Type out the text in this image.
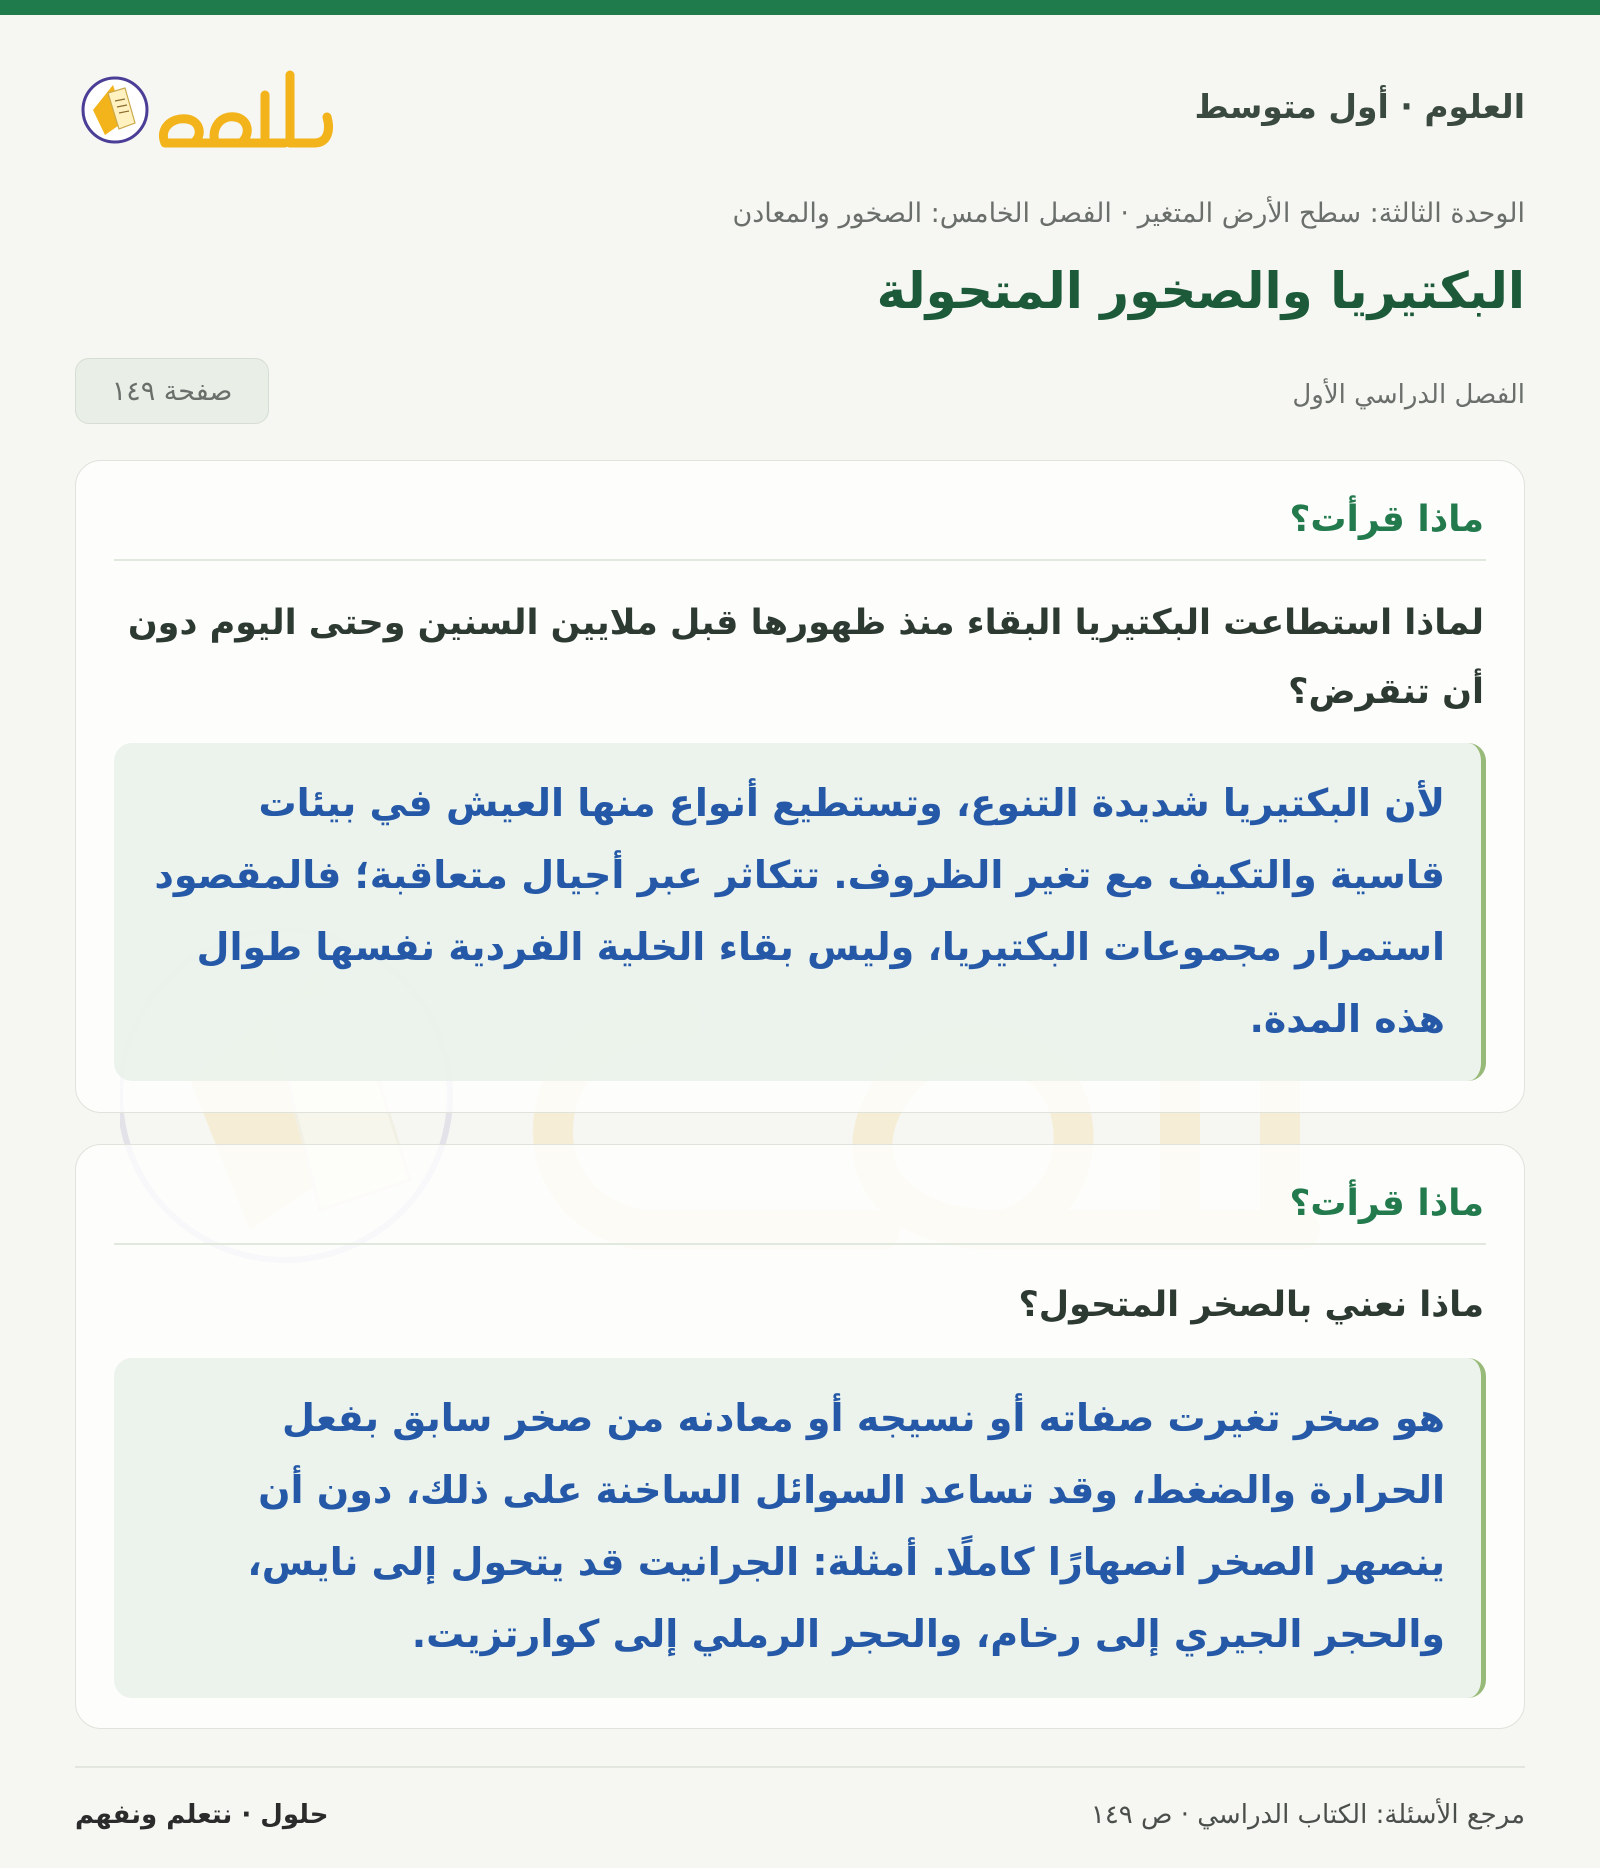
العلوم · أول متوسط
الوحدة الثالثة: سطح الأرض المتغير · الفصل الخامس: الصخور والمعادن
البكتيريا والصخور المتحولة
الفصل الدراسي الأول
صفحة ١٤٩
ماذا قرأت؟
لماذا استطاعت البكتيريا البقاء منذ ظهورها قبل ملايين السنين وحتى اليوم دون أن تنقرض؟
لأن البكتيريا شديدة التنوع، وتستطيع أنواع منها العيش في بيئات قاسية والتكيف مع تغير الظروف. تتكاثر عبر أجيال متعاقبة؛ فالمقصود استمرار مجموعات البكتيريا، وليس بقاء الخلية الفردية نفسها طوال هذه المدة.
ماذا قرأت؟
ماذا نعني بالصخر المتحول؟
هو صخر تغيرت صفاته أو نسيجه أو معادنه من صخر سابق بفعل الحرارة والضغط، وقد تساعد السوائل الساخنة على ذلك، دون أن ينصهر الصخر انصهارًا كاملًا. أمثلة: الجرانيت قد يتحول إلى نايس، والحجر الجيري إلى رخام، والحجر الرملي إلى كوارتزيت.
مرجع الأسئلة: الكتاب الدراسي · ص ١٤٩
حلول · نتعلم ونفهم
